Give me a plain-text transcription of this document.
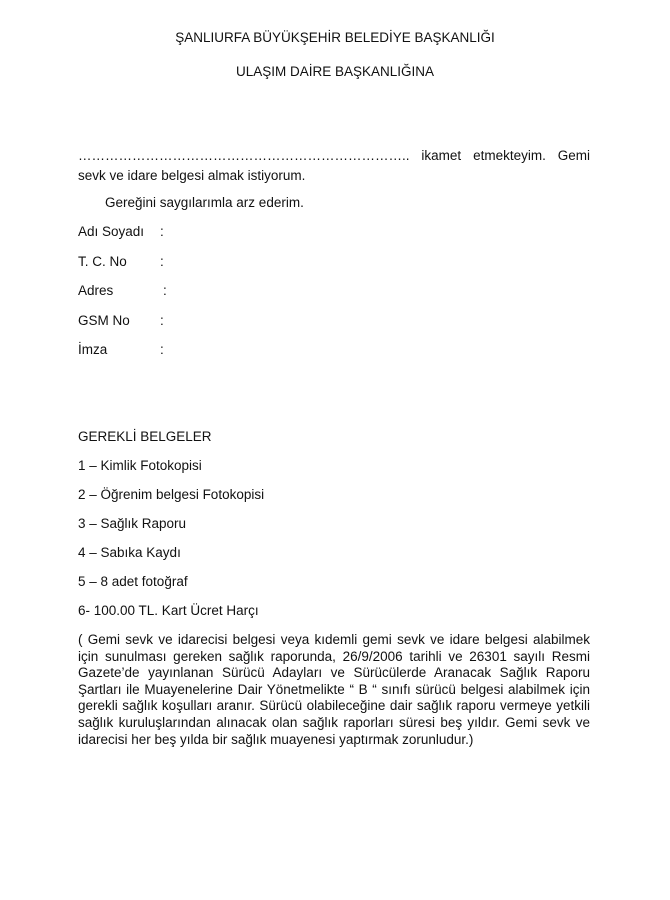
ŞANLIURFA BÜYÜKŞEHİR BELEDİYE BAŞKANLIĞI
ULAŞIM DAİRE BAŞKANLIĞINA
……………………………………………………………….. ikamet etmekteyim. Gemi sevk ve idare belgesi almak istiyorum.
Gereğini saygılarımla arz ederim.
Adı Soyadı :
T. C. No :
Adres	:
GSM No :
İmza	:
GEREKLİ BELGELER
1 – Kimlik Fotokopisi
2 – Öğrenim belgesi Fotokopisi
3 – Sağlık Raporu
4 – Sabıka Kaydı
5 – 8 adet fotoğraf
6- 100.00 TL. Kart Ücret Harçı
( Gemi sevk ve idarecisi belgesi veya kıdemli gemi sevk ve idare belgesi alabilmek için sunulması gereken sağlık raporunda, 26/9/2006 tarihli ve 26301 sayılı Resmi Gazete’de yayınlanan Sürücü Adayları ve Sürücülerde Aranacak Sağlık Raporu Şartları ile Muayenelerine Dair Yönetmelikte “ B “ sınıfı sürücü belgesi alabilmek için gerekli sağlık koşulları aranır. Sürücü olabileceğine dair sağlık raporu vermeye yetkili sağlık kuruluşlarından alınacak olan sağlık raporları süresi beş yıldır. Gemi sevk ve idarecisi her beş yılda bir sağlık muayenesi yaptırmak zorunludur.)
